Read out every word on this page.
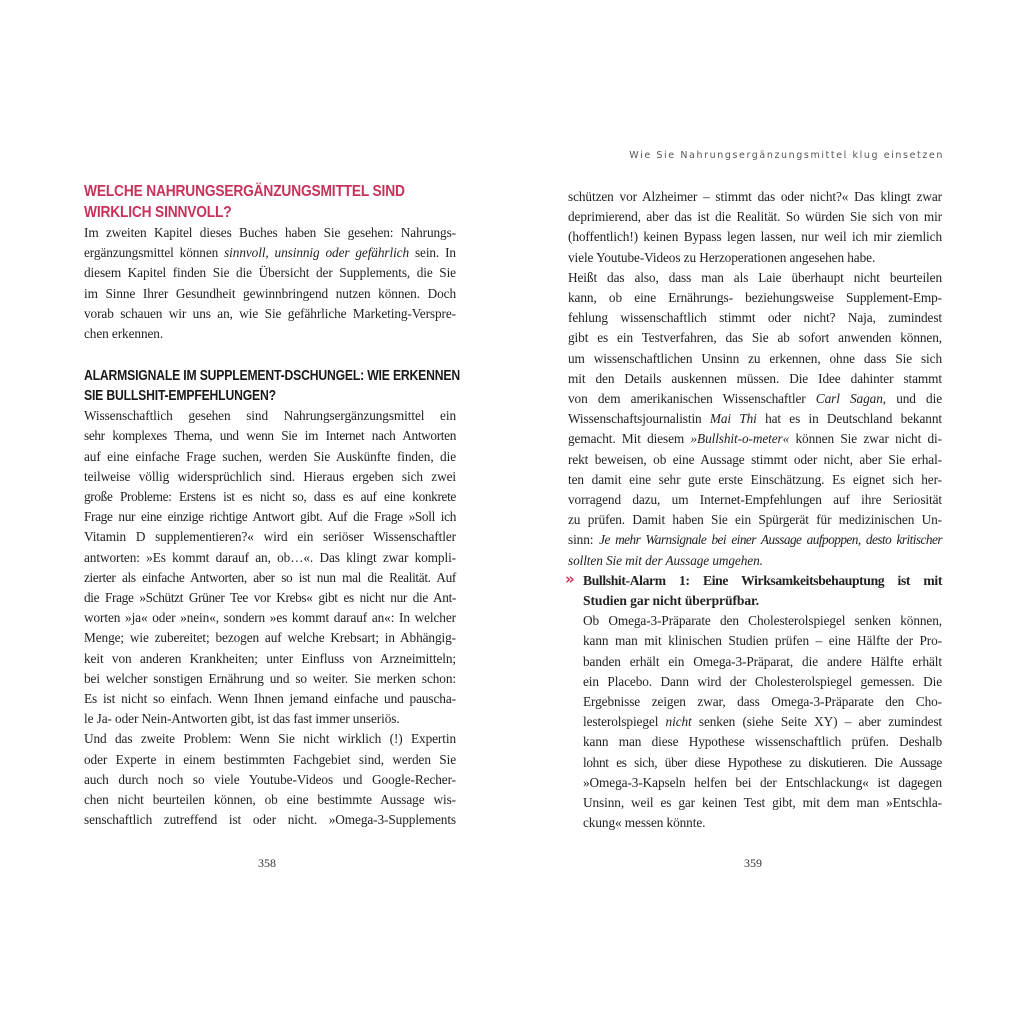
WELCHE NAHRUNGSERGÄNZUNGSMITTEL SIND
WIRKLICH SINNVOLL?
Im zweiten Kapitel dieses Buches haben Sie gesehen: Nahrungs-
ergänzungsmittel können sinnvoll, unsinnig oder gefährlich sein. In
diesem Kapitel finden Sie die Übersicht der Supplements, die Sie
im Sinne Ihrer Gesundheit gewinnbringend nutzen können. Doch
vorab schauen wir uns an, wie Sie gefährliche Marketing-Verspre-
chen erkennen.
ALARMSIGNALE IM SUPPLEMENT-DSCHUNGEL: WIE ERKENNEN
SIE BULLSHIT-EMPFEHLUNGEN?
Wissenschaftlich gesehen sind Nahrungsergänzungsmittel ein
sehr komplexes Thema, und wenn Sie im Internet nach Antworten
auf eine einfache Frage suchen, werden Sie Auskünfte finden, die
teilweise völlig widersprüchlich sind. Hieraus ergeben sich zwei
große Probleme: Erstens ist es nicht so, dass es auf eine konkrete
Frage nur eine einzige richtige Antwort gibt. Auf die Frage »Soll ich
Vitamin D supplementieren?« wird ein seriöser Wissenschaftler
antworten: »Es kommt darauf an, ob…«. Das klingt zwar kompli-
zierter als einfache Antworten, aber so ist nun mal die Realität. Auf
die Frage »Schützt Grüner Tee vor Krebs« gibt es nicht nur die Ant-
worten »ja« oder »nein«, sondern »es kommt darauf an«: In welcher
Menge; wie zubereitet; bezogen auf welche Krebsart; in Abhängig-
keit von anderen Krankheiten; unter Einfluss von Arzneimitteln;
bei welcher sonstigen Ernährung und so weiter. Sie merken schon:
Es ist nicht so einfach. Wenn Ihnen jemand einfache und pauscha-
le Ja- oder Nein-Antworten gibt, ist das fast immer unseriös.
Und das zweite Problem: Wenn Sie nicht wirklich (!) Expertin
oder Experte in einem bestimmten Fachgebiet sind, werden Sie
auch durch noch so viele Youtube-Videos und Google-Recher-
chen nicht beurteilen können, ob eine bestimmte Aussage wis-
senschaftlich zutreffend ist oder nicht. »Omega-3-Supplements
358
Wie Sie Nahrungsergänzungsmittel klug einsetzen
schützen vor Alzheimer – stimmt das oder nicht?« Das klingt zwar
deprimierend, aber das ist die Realität. So würden Sie sich von mir
(hoffentlich!) keinen Bypass legen lassen, nur weil ich mir ziemlich
viele Youtube-Videos zu Herzoperationen angesehen habe.
Heißt das also, dass man als Laie überhaupt nicht beurteilen
kann, ob eine Ernährungs- beziehungsweise Supplement-Emp-
fehlung wissenschaftlich stimmt oder nicht? Naja, zumindest
gibt es ein Testverfahren, das Sie ab sofort anwenden können,
um wissenschaftlichen Unsinn zu erkennen, ohne dass Sie sich
mit den Details auskennen müssen. Die Idee dahinter stammt
von dem amerikanischen Wissenschaftler Carl Sagan, und die
Wissenschaftsjournalistin Mai Thi hat es in Deutschland bekannt
gemacht. Mit diesem »Bullshit-o-meter« können Sie zwar nicht di-
rekt beweisen, ob eine Aussage stimmt oder nicht, aber Sie erhal-
ten damit eine sehr gute erste Einschätzung. Es eignet sich her-
vorragend dazu, um Internet-Empfehlungen auf ihre Seriosität
zu prüfen. Damit haben Sie ein Spürgerät für medizinischen Un-
sinn: Je mehr Warnsignale bei einer Aussage aufpoppen, desto kritischer
sollten Sie mit der Aussage umgehen.
» Bullshit-Alarm 1: Eine Wirksamkeitsbehauptung ist mit
Studien gar nicht überprüfbar.
Ob Omega-3-Präparate den Cholesterolspiegel senken können,
kann man mit klinischen Studien prüfen – eine Hälfte der Pro-
banden erhält ein Omega-3-Präparat, die andere Hälfte erhält
ein Placebo. Dann wird der Cholesterolspiegel gemessen. Die
Ergebnisse zeigen zwar, dass Omega-3-Präparate den Cho-
lesterolspiegel nicht senken (siehe Seite XY) – aber zumindest
kann man diese Hypothese wissenschaftlich prüfen. Deshalb
lohnt es sich, über diese Hypothese zu diskutieren. Die Aussage
»Omega-3-Kapseln helfen bei der Entschlackung« ist dagegen
Unsinn, weil es gar keinen Test gibt, mit dem man »Entschla-
ckung« messen könnte.
359
